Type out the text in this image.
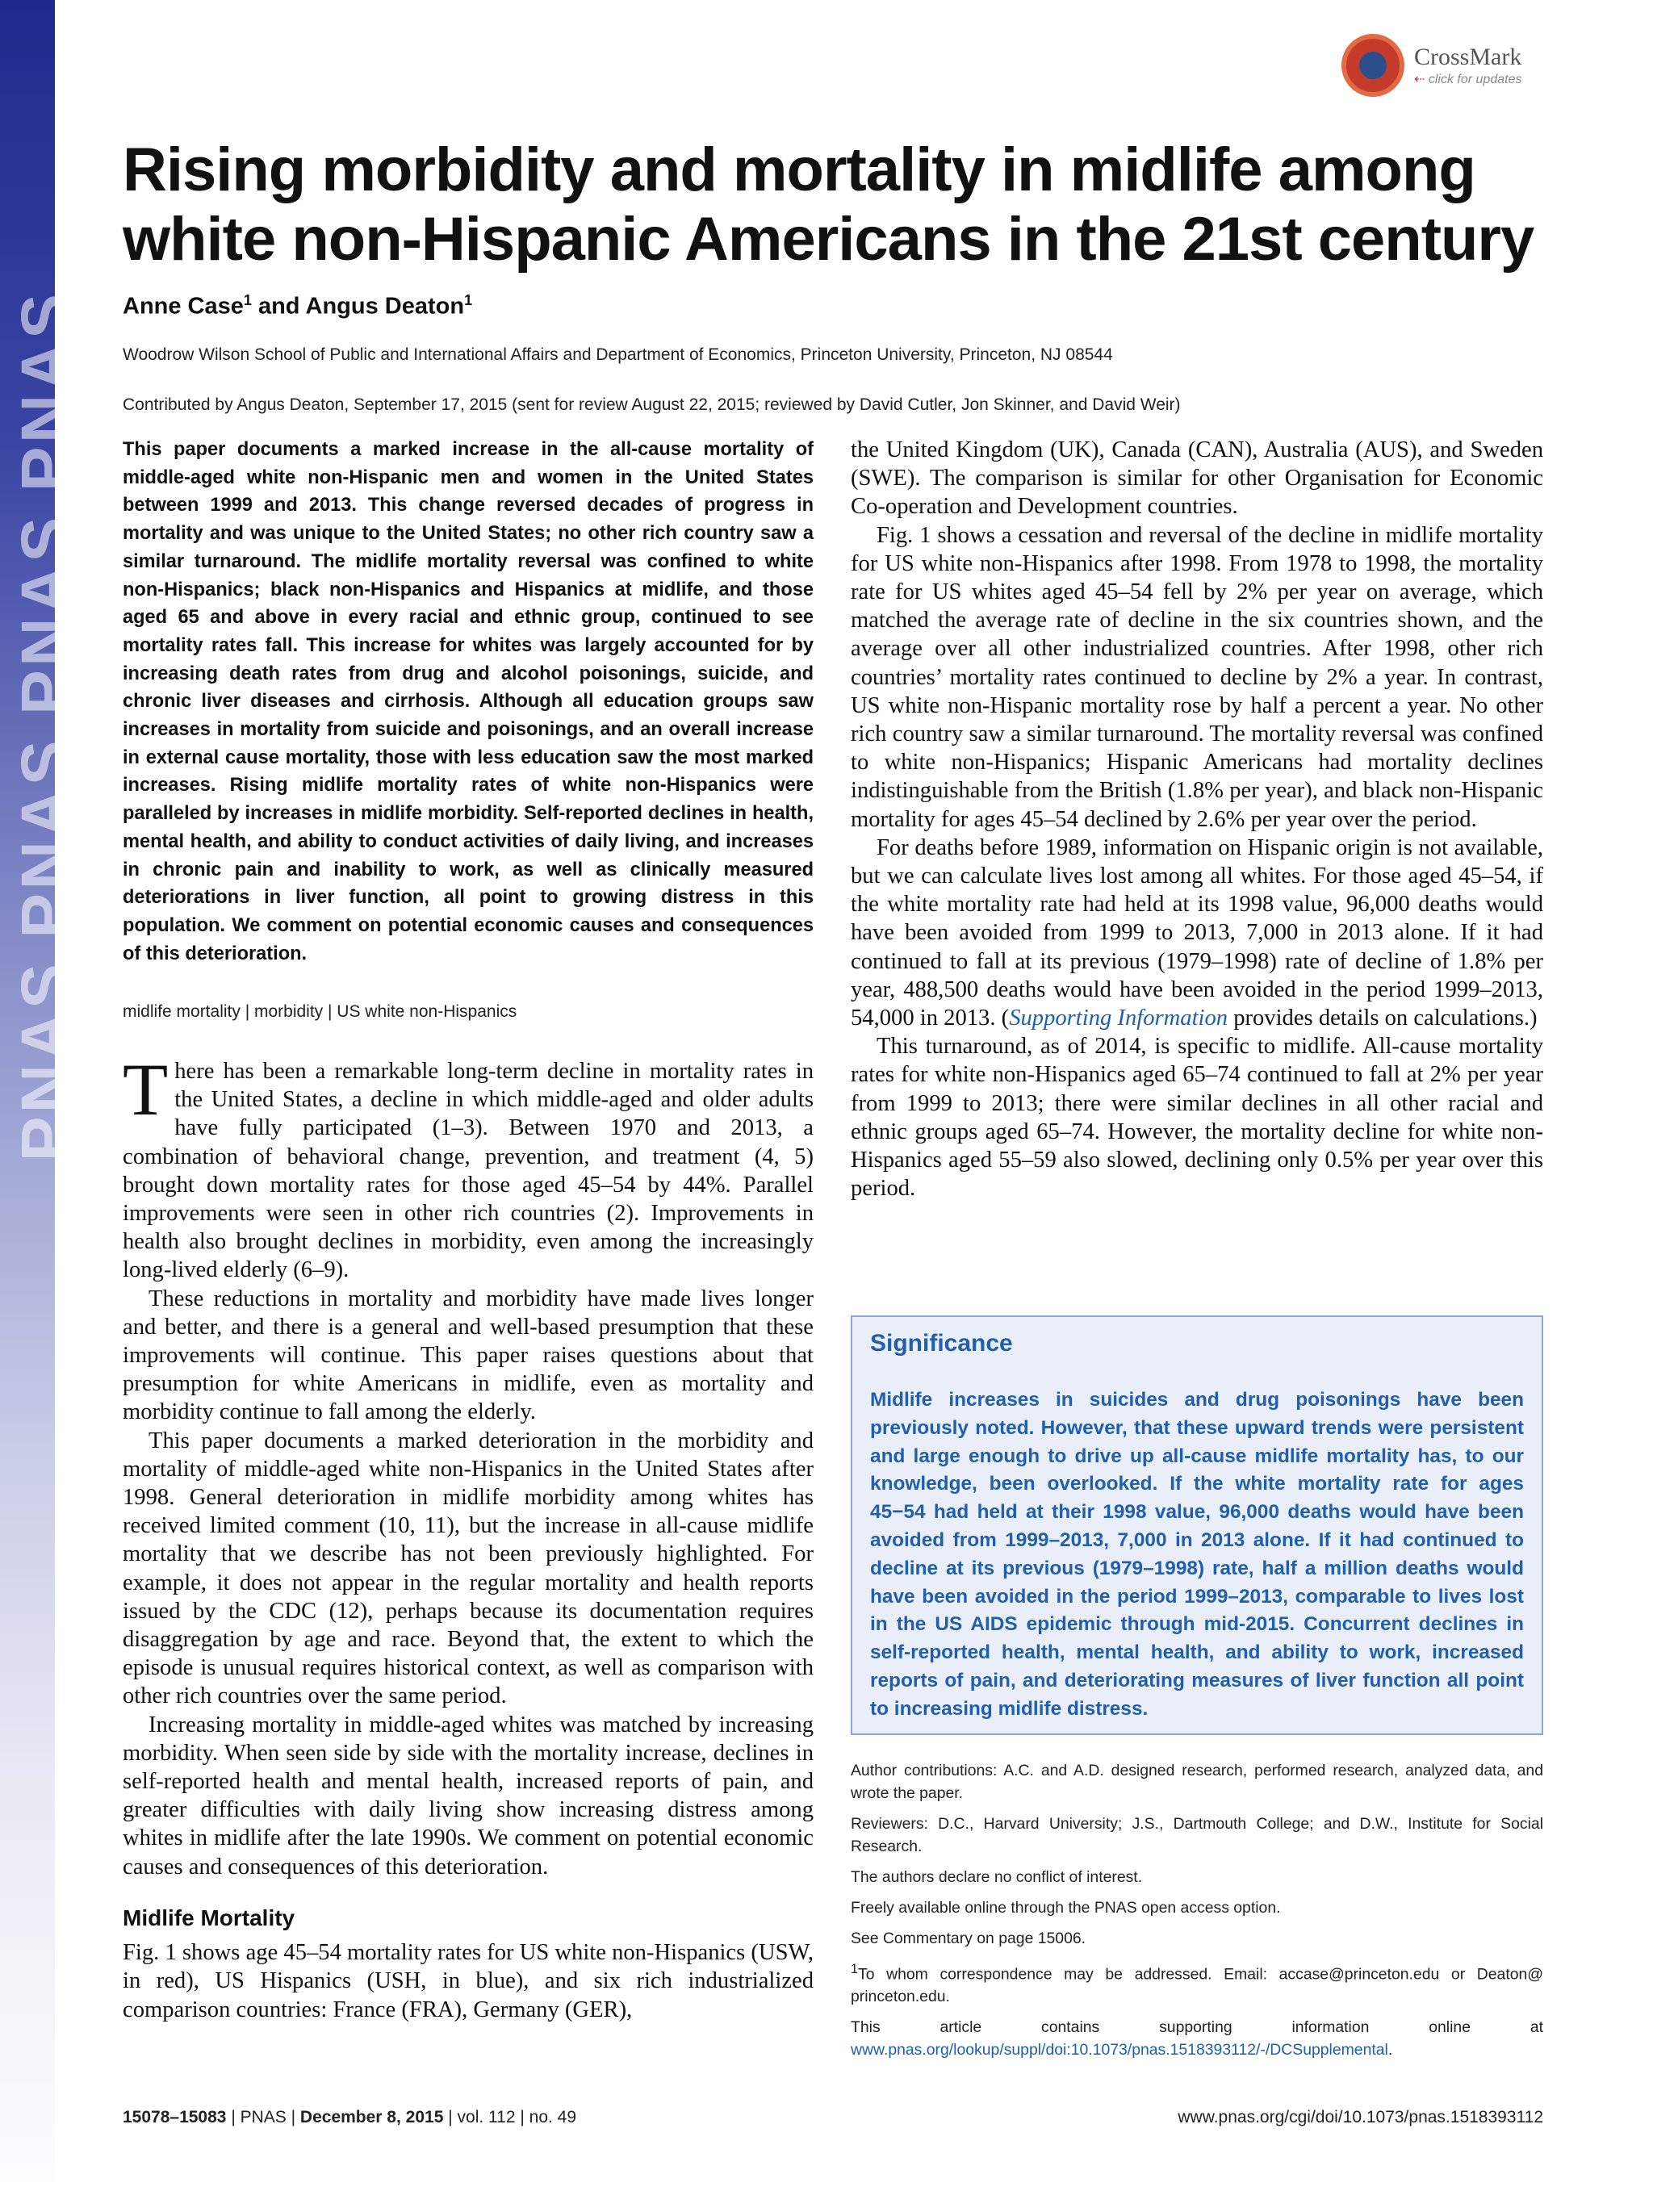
PNAS PNAS PNAS PNAS
CrossMark
⇠ click for updates
Rising morbidity and mortality in midlife among white non-Hispanic Americans in the 21st century
Anne Case$^1$ and Angus Deaton$^1$
Woodrow Wilson School of Public and International Affairs and Department of Economics, Princeton University, Princeton, NJ 08544
Contributed by Angus Deaton, September 17, 2015 (sent for review August 22, 2015; reviewed by David Cutler, Jon Skinner, and David Weir)

This paper documents a marked increase in the all-cause mortality of middle-aged white non-Hispanic men and women in the United States between 1999 and 2013. This change reversed decades of progress in mortality and was unique to the United States; no other rich country saw a similar turnaround. The midlife mortality reversal was confined to white non-Hispanics; black non-Hispanics and Hispanics at midlife, and those aged 65 and above in every racial and ethnic group, continued to see mortality rates fall. This increase for whites was largely accounted for by increasing death rates from drug and alcohol poisonings, suicide, and chronic liver diseases and cirrhosis. Although all education groups saw increases in mortality from suicide and poisonings, and an overall increase in external cause mortality, those with less education saw the most marked increases. Rising midlife mortality rates of white non-Hispanics were paralleled by increases in midlife morbidity. Self-reported declines in health, mental health, and ability to conduct activities of daily living, and increases in chronic pain and inability to work, as well as clinically measured deteriorations in liver function, all point to growing distress in this population. We comment on potential economic causes and consequences of this deterioration.

midlife mortality | morbidity | US white non-Hispanics

There has been a remarkable long-term decline in mortality rates in the United States, a decline in which middle-aged and older adults have fully participated (1–3). Between 1970 and 2013, a combination of behavioral change, prevention, and treatment (4, 5) brought down mortality rates for those aged 45–54 by 44%. Parallel improvements were seen in other rich countries (2). Improvements in health also brought declines in morbidity, even among the increasingly long-lived elderly (6–9).

These reductions in mortality and morbidity have made lives longer and better, and there is a general and well-based presumption that these improvements will continue. This paper raises questions about that presumption for white Americans in midlife, even as mortality and morbidity continue to fall among the elderly.

This paper documents a marked deterioration in the morbidity and mortality of middle-aged white non-Hispanics in the United States after 1998. General deterioration in midlife morbidity among whites has received limited comment (10, 11), but the increase in all-cause midlife mortality that we describe has not been previously highlighted. For example, it does not appear in the regular mortality and health reports issued by the CDC (12), perhaps because its documentation requires disaggregation by age and race. Beyond that, the extent to which the episode is unusual requires historical context, as well as comparison with other rich countries over the same period.

Increasing mortality in middle-aged whites was matched by increasing morbidity. When seen side by side with the mortality increase, declines in self-reported health and mental health, increased reports of pain, and greater difficulties with daily living show increasing distress among whites in midlife after the late 1990s. We comment on potential economic causes and consequences of this deterioration.

Midlife Mortality

Fig. 1 shows age 45–54 mortality rates for US white non-Hispanics (USW, in red), US Hispanics (USH, in blue), and six rich industrialized comparison countries: France (FRA), Germany (GER),

the United Kingdom (UK), Canada (CAN), Australia (AUS), and Sweden (SWE). The comparison is similar for other Organisation for Economic Co-operation and Development countries.

Fig. 1 shows a cessation and reversal of the decline in midlife mortality for US white non-Hispanics after 1998. From 1978 to 1998, the mortality rate for US whites aged 45–54 fell by 2% per year on average, which matched the average rate of decline in the six countries shown, and the average over all other industrialized countries. After 1998, other rich countries’ mortality rates continued to decline by 2% a year. In contrast, US white non-Hispanic mortality rose by half a percent a year. No other rich country saw a similar turnaround. The mortality reversal was confined to white non-Hispanics; Hispanic Americans had mortality declines indistinguishable from the British (1.8% per year), and black non-Hispanic mortality for ages 45–54 declined by 2.6% per year over the period.

For deaths before 1989, information on Hispanic origin is not available, but we can calculate lives lost among all whites. For those aged 45–54, if the white mortality rate had held at its 1998 value, 96,000 deaths would have been avoided from 1999 to 2013, 7,000 in 2013 alone. If it had continued to fall at its previous (1979–1998) rate of decline of 1.8% per year, 488,500 deaths would have been avoided in the period 1999–2013, 54,000 in 2013. (Supporting Information provides details on calculations.)

This turnaround, as of 2014, is specific to midlife. All-cause mortality rates for white non-Hispanics aged 65–74 continued to fall at 2% per year from 1999 to 2013; there were similar declines in all other racial and ethnic groups aged 65–74. However, the mortality decline for white non-Hispanics aged 55–59 also slowed, declining only 0.5% per year over this period.

Significance
Midlife increases in suicides and drug poisonings have been previously noted. However, that these upward trends were persistent and large enough to drive up all-cause midlife mortality has, to our knowledge, been overlooked. If the white mortality rate for ages 45−54 had held at their 1998 value, 96,000 deaths would have been avoided from 1999–2013, 7,000 in 2013 alone. If it had continued to decline at its previous (1979–1998) rate, half a million deaths would have been avoided in the period 1999–2013, comparable to lives lost in the US AIDS epidemic through mid-2015. Concurrent declines in self-reported health, mental health, and ability to work, increased reports of pain, and deteriorating measures of liver function all point to increasing midlife distress.

Author contributions: A.C. and A.D. designed research, performed research, analyzed data, and wrote the paper.

Reviewers: D.C., Harvard University; J.S., Dartmouth College; and D.W., Institute for Social Research.

The authors declare no conflict of interest.

Freely available online through the PNAS open access option.

See Commentary on page 15006.

$^1$To whom correspondence may be addressed. Email: accase@princeton.edu or Deaton@ princeton.edu.

This article contains supporting information online at www.pnas.org/lookup/suppl/doi:10.1073/pnas.1518393112/-/DCSupplemental.

15078–15083 | PNAS | December 8, 2015 | vol. 112 | no. 49	www.pnas.org/cgi/doi/10.1073/pnas.1518393112
